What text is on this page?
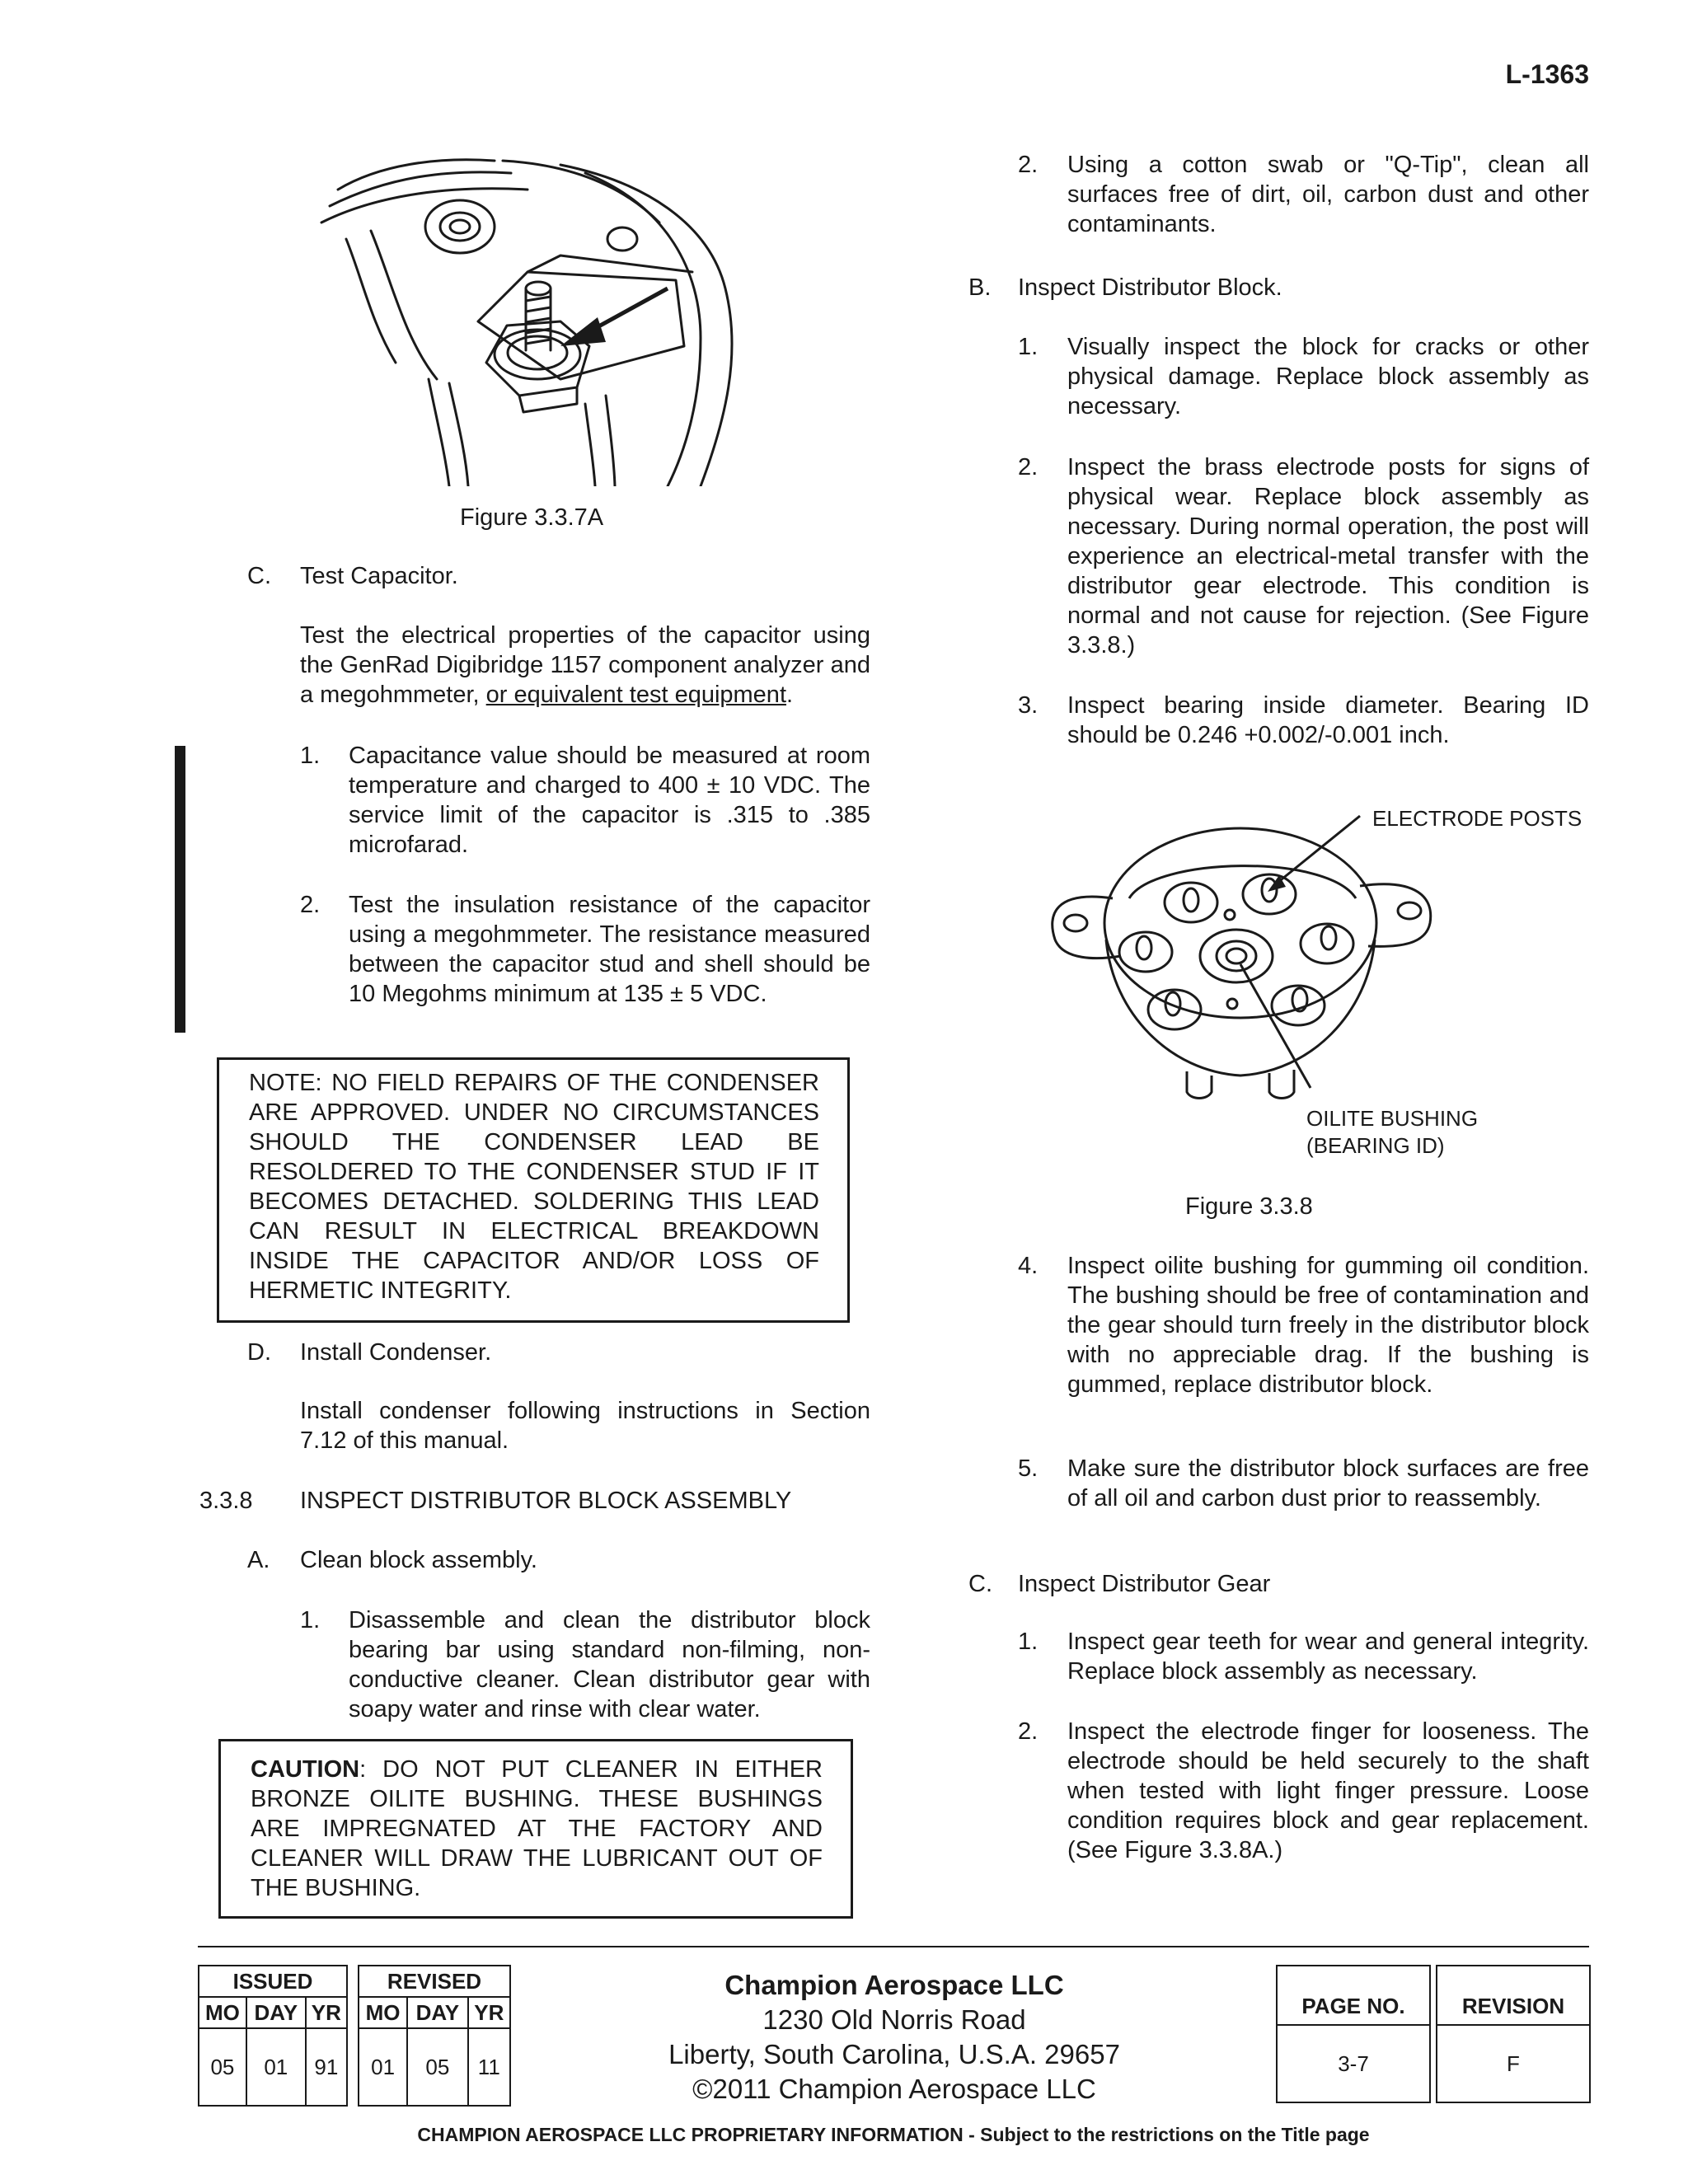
L-1363
Figure 3.3.7A
C. Test Capacitor.
Test the electrical properties of the capacitor using the GenRad Digibridge 1157 component analyzer and a megohmmeter, or equivalent test equipment.
1.	Capacitance value should be measured at room temperature and charged to 400 ± 10 VDC. The service limit of the capacitor is .315 to .385 microfarad.
2.	Test the insulation resistance of the capacitor using a megohmmeter. The resistance measured between the capacitor stud and shell should be 10 Megohms minimum at 135 ± 5 VDC.
NOTE: NO FIELD REPAIRS OF THE CONDENSER ARE APPROVED. UNDER NO CIRCUMSTANCES SHOULD THE CONDENSER LEAD BE RESOLDERED TO THE CONDENSER STUD IF IT BECOMES DETACHED. SOLDERING THIS LEAD CAN RESULT IN ELECTRICAL BREAKDOWN INSIDE THE CAPACITOR AND/OR LOSS OF HERMETIC INTEGRITY.
D. Install Condenser.
Install condenser following instructions in Section 7.12 of this manual.
3.3.8 INSPECT DISTRIBUTOR BLOCK ASSEMBLY
A. Clean block assembly.
1.	Disassemble and clean the distributor block bearing bar using standard non-filming, non-conductive cleaner. Clean distributor gear with soapy water and rinse with clear water.
CAUTION: DO NOT PUT CLEANER IN EITHER BRONZE OILITE BUSHING. THESE BUSHINGS ARE IMPREGNATED AT THE FACTORY AND CLEANER WILL DRAW THE LUBRICANT OUT OF THE BUSHING.
2.	Using a cotton swab or "Q-Tip", clean all surfaces free of dirt, oil, carbon dust and other contaminants.
B. Inspect Distributor Block.
1.	Visually inspect the block for cracks or other physical damage. Replace block assembly as necessary.
2.	Inspect the brass electrode posts for signs of physical wear. Replace block assembly as necessary. During normal operation, the post will experience an electrical-metal transfer with the distributor gear electrode. This condition is normal and not cause for rejection. (See Figure 3.3.8.)
3.	Inspect bearing inside diameter. Bearing ID should be 0.246 +0.002/-0.001 inch.
ELECTRODE POSTS
OILITE BUSHING
(BEARING ID)
Figure 3.3.8
4.	Inspect oilite bushing for gumming oil condition. The bushing should be free of contamination and the gear should turn freely in the distributor block with no appreciable drag. If the bushing is gummed, replace distributor block.
5.	Make sure the distributor block surfaces are free of all oil and carbon dust prior to reassembly.
C. Inspect Distributor Gear
1.	Inspect gear teeth for wear and general integrity. Replace block assembly as necessary.
2.	Inspect the electrode finger for looseness. The electrode should be held securely to the shaft when tested with light finger pressure. Loose condition requires block and gear replacement. (See Figure 3.3.8A.)
ISSUED		
MO	DAY	YR
05	01	91
REVISED		
MO	DAY	YR
01	05	11
Champion Aerospace LLC
1230 Old Norris Road
Liberty, South Carolina, U.S.A. 29657
©2011 Champion Aerospace LLC
PAGE NO.
3-7
REVISION
F
CHAMPION AEROSPACE LLC PROPRIETARY INFORMATION - Subject to the restrictions on the Title page
